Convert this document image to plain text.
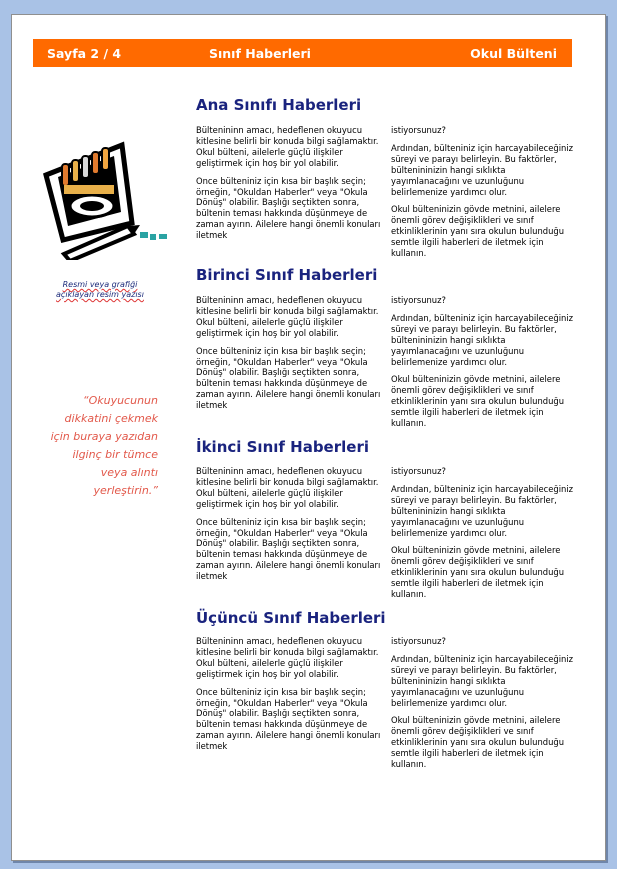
Sayfa 2 / 4	Sınıf Haberleri	Okul Bülteni
Resmi veya grafiği açıklayan resim yazısı
“Okuyucunun dikkatini çekmek için buraya yazıdan ilginç bir tümce veya alıntı yerleştirin.”
Ana Sınıfı Haberleri

Bültenininn amacı, hedeflenen okuyucu kitlesine belirli bir konuda bilgi sağlamaktır. Okul bülteni, ailelerle güçlü ilişkiler geliştirmek için hoş bir yol olabilir.

Once bülteniniz için kısa bir başlık seçin; örneğin, "Okuldan Haberler" veya "Okula Dönüş" olabilir. Başlığı seçtikten sonra, bültenin teması hakkında düşünmeye de zaman ayırın. Ailelere hangi önemli konuları iletmek

istiyorsunuz?

Ardından, bülteniniz için harcayabileceğiniz süreyi ve parayı belirleyin. Bu faktörler, bültenininizin hangi sıklıkta yayımlanacağını ve uzunluğunu belirlemenize yardımcı olur.

Okul bülteninizin gövde metnini, ailelere önemli görev değişiklikleri ve sınıf etkinliklerinin yanı sıra okulun bulunduğu semtle ilgili haberleri de iletmek için kullanın.

Birinci Sınıf Haberleri

Bültenininn amacı, hedeflenen okuyucu kitlesine belirli bir konuda bilgi sağlamaktır. Okul bülteni, ailelerle güçlü ilişkiler geliştirmek için hoş bir yol olabilir.

Once bülteniniz için kısa bir başlık seçin; örneğin, "Okuldan Haberler" veya "Okula Dönüş" olabilir. Başlığı seçtikten sonra, bültenin teması hakkında düşünmeye de zaman ayırın. Ailelere hangi önemli konuları iletmek

istiyorsunuz?

Ardından, bülteniniz için harcayabileceğiniz süreyi ve parayı belirleyin. Bu faktörler, bültenininizin hangi sıklıkta yayımlanacağını ve uzunluğunu belirlemenize yardımcı olur.

Okul bülteninizin gövde metnini, ailelere önemli görev değişiklikleri ve sınıf etkinliklerinin yanı sıra okulun bulunduğu semtle ilgili haberleri de iletmek için kullanın.

İkinci Sınıf Haberleri

Bültenininn amacı, hedeflenen okuyucu kitlesine belirli bir konuda bilgi sağlamaktır. Okul bülteni, ailelerle güçlü ilişkiler geliştirmek için hoş bir yol olabilir.

Once bülteniniz için kısa bir başlık seçin; örneğin, "Okuldan Haberler" veya "Okula Dönüş" olabilir. Başlığı seçtikten sonra, bültenin teması hakkında düşünmeye de zaman ayırın. Ailelere hangi önemli konuları iletmek

istiyorsunuz?

Ardından, bülteniniz için harcayabileceğiniz süreyi ve parayı belirleyin. Bu faktörler, bültenininizin hangi sıklıkta yayımlanacağını ve uzunluğunu belirlemenize yardımcı olur.

Okul bülteninizin gövde metnini, ailelere önemli görev değişiklikleri ve sınıf etkinliklerinin yanı sıra okulun bulunduğu semtle ilgili haberleri de iletmek için kullanın.

Üçüncü Sınıf Haberleri

Bültenininn amacı, hedeflenen okuyucu kitlesine belirli bir konuda bilgi sağlamaktır. Okul bülteni, ailelerle güçlü ilişkiler geliştirmek için hoş bir yol olabilir.

Once bülteniniz için kısa bir başlık seçin; örneğin, "Okuldan Haberler" veya "Okula Dönüş" olabilir. Başlığı seçtikten sonra, bültenin teması hakkında düşünmeye de zaman ayırın. Ailelere hangi önemli konuları iletmek

istiyorsunuz?

Ardından, bülteniniz için harcayabileceğiniz süreyi ve parayı belirleyin. Bu faktörler, bültenininizin hangi sıklıkta yayımlanacağını ve uzunluğunu belirlemenize yardımcı olur.

Okul bülteninizin gövde metnini, ailelere önemli görev değişiklikleri ve sınıf etkinliklerinin yanı sıra okulun bulunduğu semtle ilgili haberleri de iletmek için kullanın.
